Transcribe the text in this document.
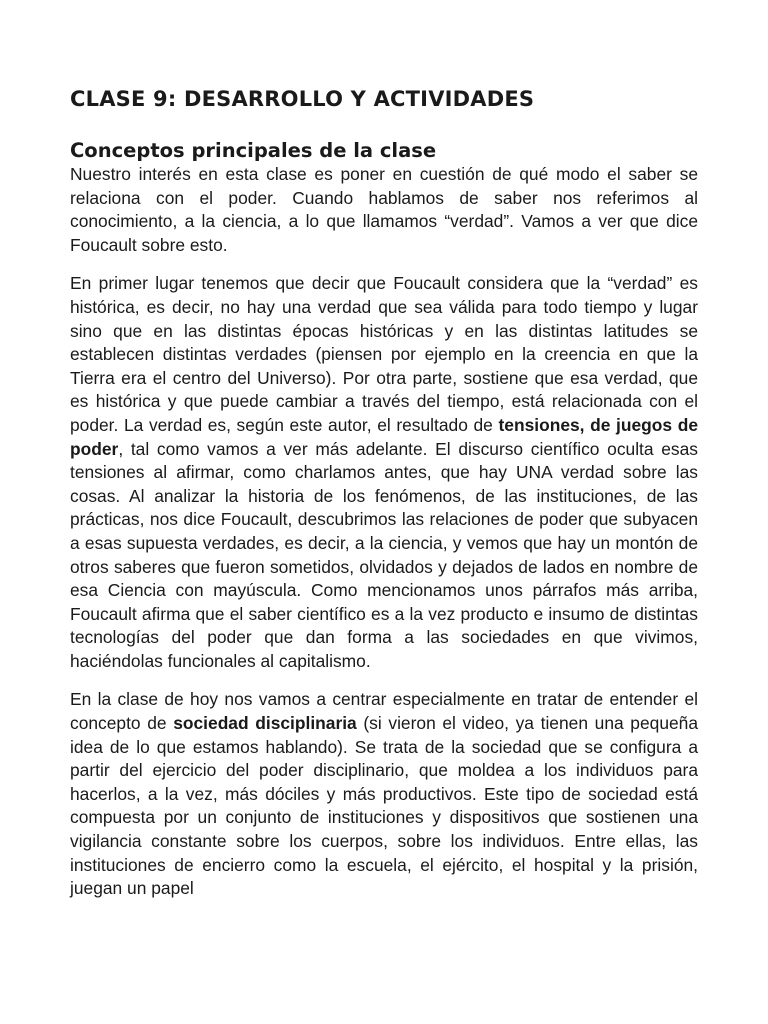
CLASE 9: DESARROLLO Y ACTIVIDADES
Conceptos principales de la clase

Nuestro interés en esta clase es poner en cuestión de qué modo el saber se relaciona con el poder. Cuando hablamos de saber nos referimos al conocimiento, a la ciencia, a lo que llamamos “verdad”. Vamos a ver que dice Foucault sobre esto.

En primer lugar tenemos que decir que Foucault considera que la “verdad” es histórica, es decir, no hay una verdad que sea válida para todo tiempo y lugar sino que en las distintas épocas históricas y en las distintas latitudes se establecen distintas verdades (piensen por ejemplo en la creencia en que la Tierra era el centro del Universo). Por otra parte, sostiene que esa verdad, que es histórica y que puede cambiar a través del tiempo, está relacionada con el poder. La verdad es, según este autor, el resultado de tensiones, de juegos de poder, tal como vamos a ver más adelante. El discurso científico oculta esas tensiones al afirmar, como charlamos antes, que hay UNA verdad sobre las cosas. Al analizar la historia de los fenómenos, de las instituciones, de las prácticas, nos dice Foucault, descubrimos las relaciones de poder que subyacen a esas supuesta verdades, es decir, a la ciencia, y vemos que hay un montón de otros saberes que fueron sometidos, olvidados y dejados de lados en nombre de esa Ciencia con mayúscula. Como mencionamos unos párrafos más arriba, Foucault afirma que el saber científico es a la vez producto e insumo de distintas tecnologías del poder que dan forma a las sociedades en que vivimos, haciéndolas funcionales al capitalismo.

En la clase de hoy nos vamos a centrar especialmente en tratar de entender el concepto de sociedad disciplinaria (si vieron el video, ya tienen una pequeña idea de lo que estamos hablando). Se trata de la sociedad que se configura a partir del ejercicio del poder disciplinario, que moldea a los individuos para hacerlos, a la vez, más dóciles y más productivos. Este tipo de sociedad está compuesta por un conjunto de instituciones y dispositivos que sostienen una vigilancia constante sobre los cuerpos, sobre los individuos. Entre ellas, las instituciones de encierro como la escuela, el ejército, el hospital y la prisión, juegan un papel
